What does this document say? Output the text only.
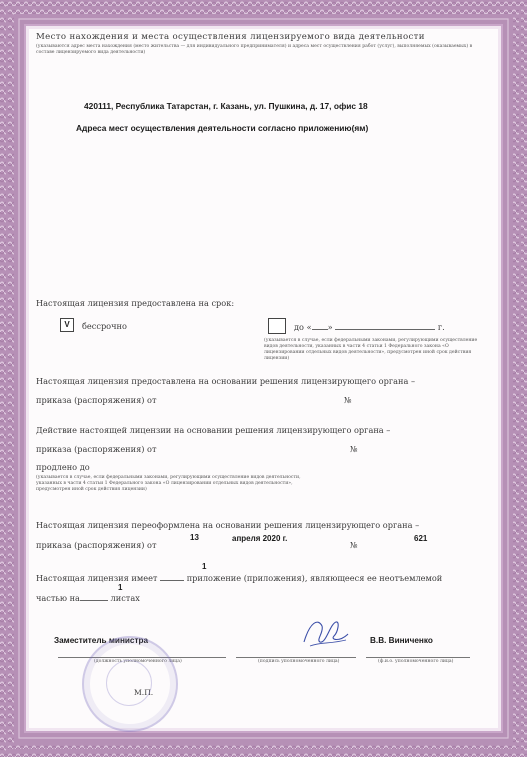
Место нахождения и места осуществления лицензируемого вида деятельности
(указываются адрес места нахождения (место жительства — для индивидуального предпринимателя) и адреса мест осуществления работ (услуг), выполняемых (оказываемых) в составе лицензируемого вида деятельности)
420111, Республика Татарстан, г. Казань, ул. Пушкина, д. 17, офис 18
Адреса мест осуществления деятельности согласно приложению(ям)
Настоящая лицензия предоставлена на срок:
V	бессрочно	до « »	г.
(указывается в случае, если федеральными законами, регулирующими осуществление видов деятельности, указанных в части 4 статьи 1 Федерального закона «О лицензировании отдельных видов деятельности», предусмотрен иной срок действия лицензии)
Настоящая лицензия предоставлена на основании решения лицензирующего органа –
приказа (распоряжения) от	№
Действие настоящей лицензии на основании решения лицензирующего органа –
приказа (распоряжения) от	№
продлено до
(указывается в случае, если федеральными законами, регулирующими осуществление видов деятельности, указанных в части 4 статьи 1 Федерального закона «О лицензировании отдельных видов деятельности», предусмотрен иной срок действия лицензии)
Настоящая лицензия переоформлена на основании решения лицензирующего органа –
приказа (распоряжения) от
13	апреля 2020 г.
№
621
1
Настоящая лицензия имеет	приложение (приложения), являющееся ее неотъемлемой
1
частью на	листах
Заместитель министра	В.В. Виниченко
(должность уполномоченного лица)	(подпись уполномоченного лица)	(ф.и.о. уполномоченного лица)
М.П.
